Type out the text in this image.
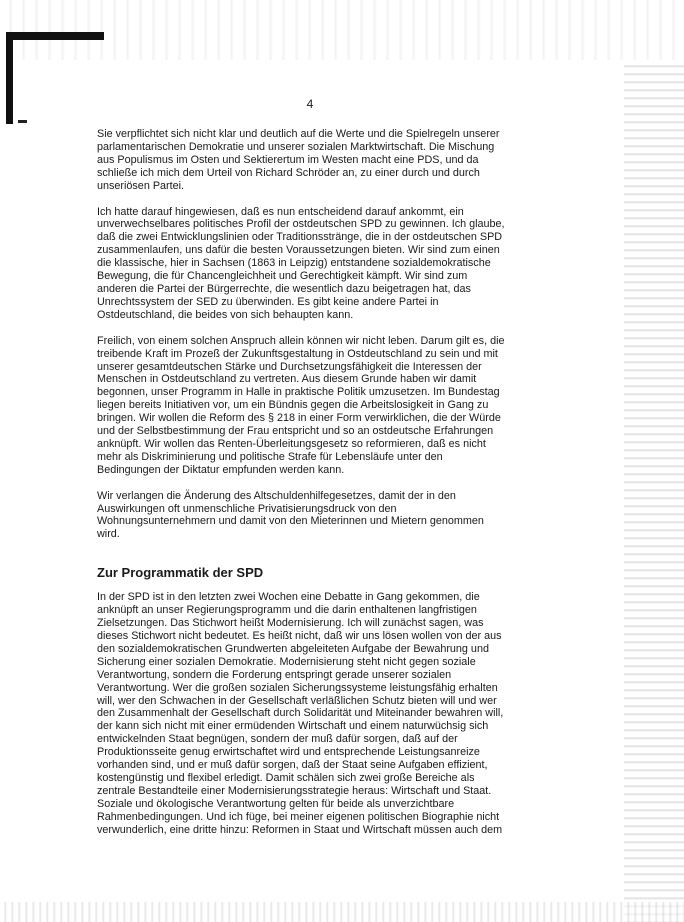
4

Sie verpflichtet sich nicht klar und deutlich auf die Werte und die Spielregeln unserer parlamentarischen Demokratie und unserer sozialen Marktwirtschaft. Die Mischung aus Populismus im Osten und Sektierertum im Westen macht eine PDS, und da schließe ich mich dem Urteil von Richard Schröder an, zu einer durch und durch unseriösen Partei.

Ich hatte darauf hingewiesen, daß es nun entscheidend darauf ankommt, ein unverwechselbares politisches Profil der ostdeutschen SPD zu gewinnen. Ich glaube, daß die zwei Entwicklungslinien oder Traditionsstränge, die in der ostdeutschen SPD zusammenlaufen, uns dafür die besten Voraussetzungen bieten. Wir sind zum einen die klassische, hier in Sachsen (1863 in Leipzig) entstandene sozialdemokratische Bewegung, die für Chancengleichheit und Gerechtigkeit kämpft. Wir sind zum anderen die Partei der Bürgerrechte, die wesentlich dazu beigetragen hat, das Unrechtssystem der SED zu überwinden. Es gibt keine andere Partei in Ostdeutschland, die beides von sich behaupten kann.

Freilich, von einem solchen Anspruch allein können wir nicht leben. Darum gilt es, die treibende Kraft im Prozeß der Zukunftsgestaltung in Ostdeutschland zu sein und mit unserer gesamtdeutschen Stärke und Durchsetzungsfähigkeit die Interessen der Menschen in Ostdeutschland zu vertreten. Aus diesem Grunde haben wir damit begonnen, unser Programm in Halle in praktische Politik umzusetzen. Im Bundestag liegen bereits Initiativen vor, um ein Bündnis gegen die Arbeitslosigkeit in Gang zu bringen. Wir wollen die Reform des § 218 in einer Form verwirklichen, die der Würde und der Selbstbestimmung der Frau entspricht und so an ostdeutsche Erfahrungen anknüpft. Wir wollen das Renten-Überleitungsgesetz so reformieren, daß es nicht mehr als Diskriminierung und politische Strafe für Lebensläufe unter den Bedingungen der Diktatur empfunden werden kann.

Wir verlangen die Änderung des Altschuldenhilfegesetzes, damit der in den Auswirkungen oft unmenschliche Privatisierungsdruck von den Wohnungsunternehmern und damit von den Mieterinnen und Mietern genommen wird.

Zur Programmatik der SPD

In der SPD ist in den letzten zwei Wochen eine Debatte in Gang gekommen, die anknüpft an unser Regierungsprogramm und die darin enthaltenen langfristigen Zielsetzungen. Das Stichwort heißt Modernisierung. Ich will zunächst sagen, was dieses Stichwort nicht bedeutet. Es heißt nicht, daß wir uns lösen wollen von der aus den sozialdemokratischen Grundwerten abgeleiteten Aufgabe der Bewahrung und Sicherung einer sozialen Demokratie. Modernisierung steht nicht gegen soziale Verantwortung, sondern die Forderung entspringt gerade unserer sozialen Verantwortung. Wer die großen sozialen Sicherungssysteme leistungsfähig erhalten will, wer den Schwachen in der Gesellschaft verläßlichen Schutz bieten will und wer den Zusammenhalt der Gesellschaft durch Solidarität und Miteinander bewahren will, der kann sich nicht mit einer ermüdenden Wirtschaft und einem naturwüchsig sich entwickelnden Staat begnügen, sondern der muß dafür sorgen, daß auf der Produktionsseite genug erwirtschaftet wird und entsprechende Leistungsanreize vorhanden sind, und er muß dafür sorgen, daß der Staat seine Aufgaben effizient, kostengünstig und flexibel erledigt. Damit schälen sich zwei große Bereiche als zentrale Bestandteile einer Modernisierungsstrategie heraus: Wirtschaft und Staat. Soziale und ökologische Verantwortung gelten für beide als unverzichtbare Rahmenbedingungen. Und ich füge, bei meiner eigenen politischen Biographie nicht verwunderlich, eine dritte hinzu: Reformen in Staat und Wirtschaft müssen auch dem
